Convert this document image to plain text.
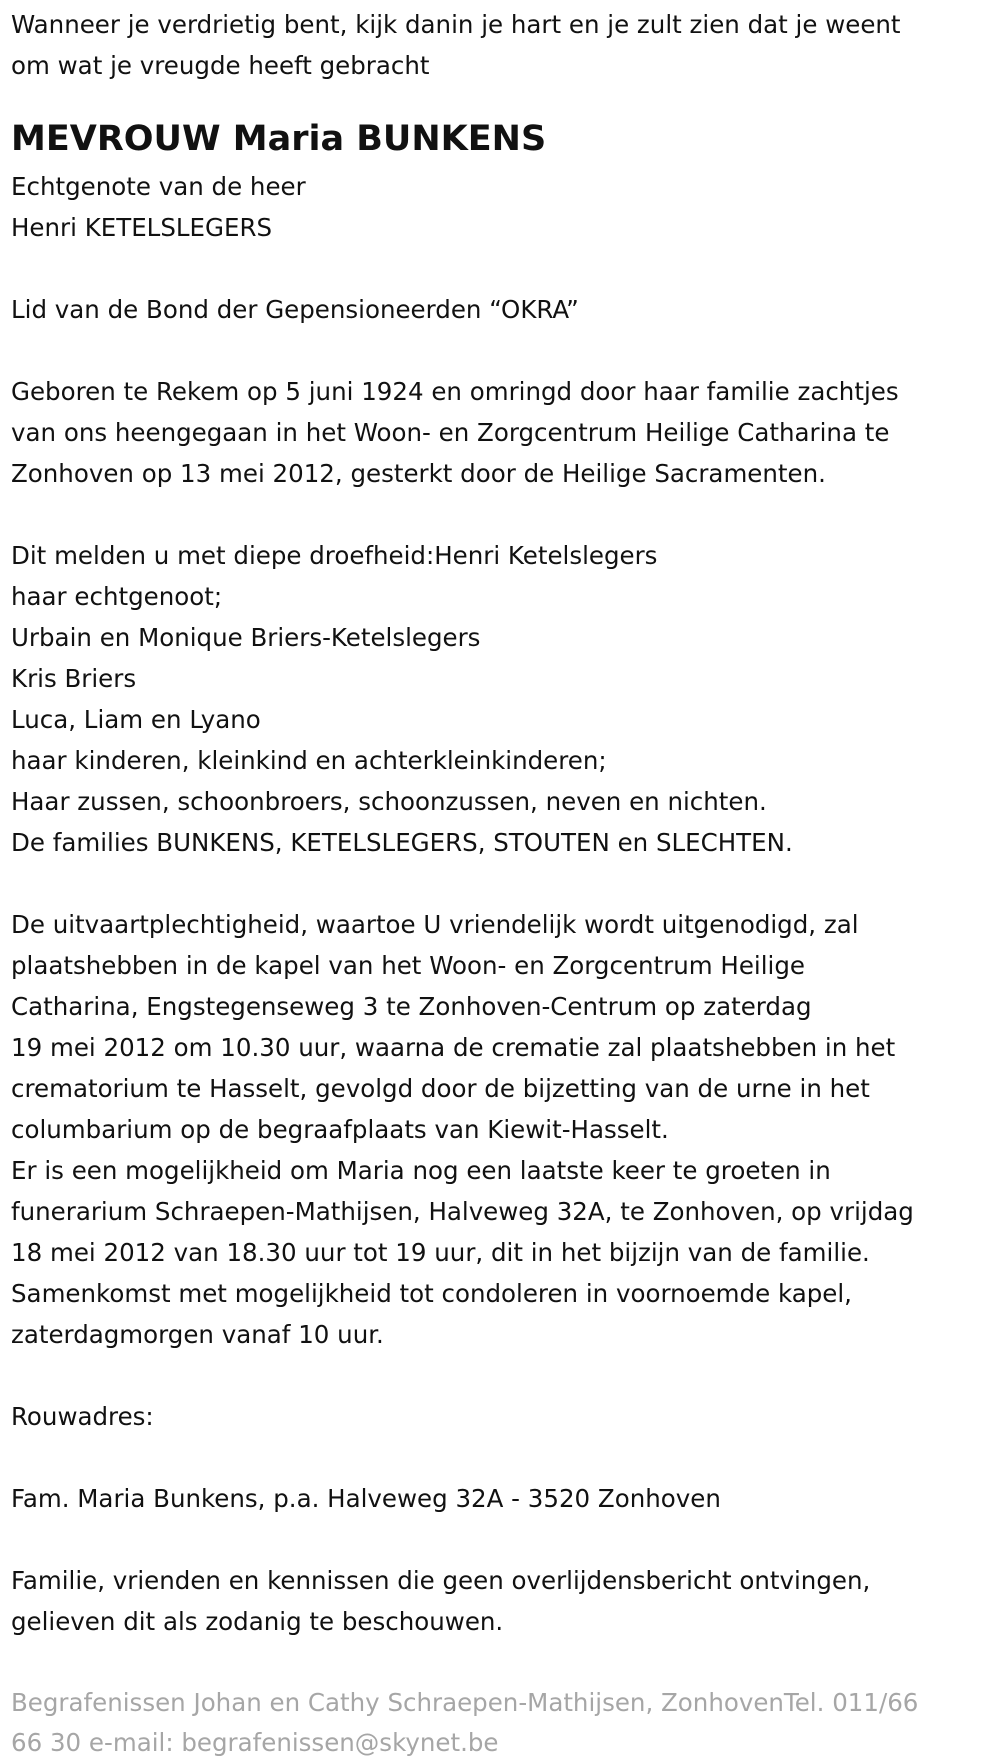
Wanneer je verdrietig bent, kijk danin je hart en je zult zien dat je weent
om wat je vreugde heeft gebracht
MEVROUW Maria BUNKENS
Echtgenote van de heer
Henri KETELSLEGERS
Lid van de Bond der Gepensioneerden “OKRA”
Geboren te Rekem op 5 juni 1924 en omringd door haar familie zachtjes
van ons heengegaan in het Woon- en Zorgcentrum Heilige Catharina te
Zonhoven op 13 mei 2012, gesterkt door de Heilige Sacramenten.
Dit melden u met diepe droefheid:Henri Ketelslegers
haar echtgenoot;
Urbain en Monique Briers-Ketelslegers
Kris Briers
Luca, Liam en Lyano
haar kinderen, kleinkind en achterkleinkinderen;
Haar zussen, schoonbroers, schoonzussen, neven en nichten.
De families BUNKENS, KETELSLEGERS, STOUTEN en SLECHTEN.
De uitvaartplechtigheid, waartoe U vriendelijk wordt uitgenodigd, zal
plaatshebben in de kapel van het Woon- en Zorgcentrum Heilige
Catharina, Engstegenseweg 3 te Zonhoven-Centrum op zaterdag
19 mei 2012 om 10.30 uur, waarna de crematie zal plaatshebben in het
crematorium te Hasselt, gevolgd door de bijzetting van de urne in het
columbarium op de begraafplaats van Kiewit-Hasselt.
Er is een mogelijkheid om Maria nog een laatste keer te groeten in
funerarium Schraepen-Mathijsen, Halveweg 32A, te Zonhoven, op vrijdag
18 mei 2012 van 18.30 uur tot 19 uur, dit in het bijzijn van de familie.
Samenkomst met mogelijkheid tot condoleren in voornoemde kapel,
zaterdagmorgen vanaf 10 uur.
Rouwadres:
Fam. Maria Bunkens, p.a. Halveweg 32A - 3520 Zonhoven
Familie, vrienden en kennissen die geen overlijdensbericht ontvingen,
gelieven dit als zodanig te beschouwen.
Begrafenissen Johan en Cathy Schraepen-Mathijsen, ZonhovenTel. 011/66
66 30 e-mail: begrafenissen@skynet.be
